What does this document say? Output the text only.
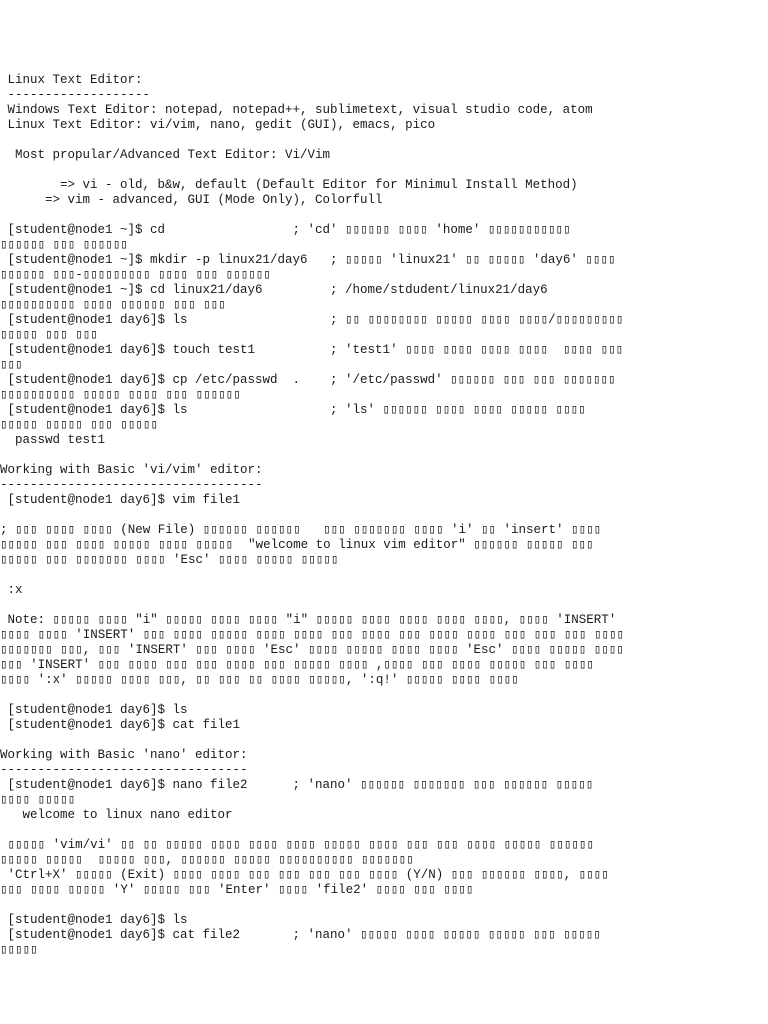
Linux Text Editor:
-------------------
Windows Text Editor: notepad, notepad++, sublimetext, visual studio code, atom
Linux Text Editor: vi/vim, nano, gedit (GUI), emacs, pico
Most propular/Advanced Text Editor: Vi/Vim
=> vi - old, b&w, default (Default Editor for Minimul Install Method)
=> vim - advanced, GUI (Mode Only), Colorfull
[student@node1 ~]$ cd                 ; 'cd' ▯▯▯▯▯▯ ▯▯▯▯ 'home' ▯▯▯▯▯▯▯▯▯▯▯
▯▯▯▯▯▯ ▯▯▯ ▯▯▯▯▯▯
[student@node1 ~]$ mkdir -p linux21/day6   ; ▯▯▯▯▯ 'linux21' ▯▯ ▯▯▯▯▯ 'day6' ▯▯▯▯
▯▯▯▯▯▯ ▯▯▯-▯▯▯▯▯▯▯▯▯ ▯▯▯▯ ▯▯▯ ▯▯▯▯▯▯
[student@node1 ~]$ cd linux21/day6         ; /home/stdudent/linux21/day6
▯▯▯▯▯▯▯▯▯▯ ▯▯▯▯ ▯▯▯▯▯▯ ▯▯▯ ▯▯▯
[student@node1 day6]$ ls                   ; ▯▯ ▯▯▯▯▯▯▯▯ ▯▯▯▯▯ ▯▯▯▯ ▯▯▯▯/▯▯▯▯▯▯▯▯▯
▯▯▯▯▯ ▯▯▯ ▯▯▯
[student@node1 day6]$ touch test1          ; 'test1' ▯▯▯▯ ▯▯▯▯ ▯▯▯▯ ▯▯▯▯  ▯▯▯▯ ▯▯▯
▯▯▯
[student@node1 day6]$ cp /etc/passwd  .    ; '/etc/passwd' ▯▯▯▯▯▯ ▯▯▯ ▯▯▯ ▯▯▯▯▯▯▯
▯▯▯▯▯▯▯▯▯▯ ▯▯▯▯▯ ▯▯▯▯ ▯▯▯ ▯▯▯▯▯▯
[student@node1 day6]$ ls                   ; 'ls' ▯▯▯▯▯▯ ▯▯▯▯ ▯▯▯▯ ▯▯▯▯▯ ▯▯▯▯
▯▯▯▯▯ ▯▯▯▯▯ ▯▯▯ ▯▯▯▯▯
passwd test1
Working with Basic 'vi/vim' editor:
-----------------------------------
[student@node1 day6]$ vim file1
; ▯▯▯ ▯▯▯▯ ▯▯▯▯ (New File) ▯▯▯▯▯▯ ▯▯▯▯▯▯   ▯▯▯ ▯▯▯▯▯▯▯ ▯▯▯▯ 'i' ▯▯ 'insert' ▯▯▯▯
▯▯▯▯▯ ▯▯▯ ▯▯▯▯ ▯▯▯▯▯ ▯▯▯▯ ▯▯▯▯▯  "welcome to linux vim editor" ▯▯▯▯▯▯ ▯▯▯▯▯ ▯▯▯
▯▯▯▯▯ ▯▯▯ ▯▯▯▯▯▯▯ ▯▯▯▯ 'Esc' ▯▯▯▯ ▯▯▯▯▯ ▯▯▯▯▯
:x
Note: ▯▯▯▯▯ ▯▯▯▯ "i" ▯▯▯▯▯ ▯▯▯▯ ▯▯▯▯ "i" ▯▯▯▯▯ ▯▯▯▯ ▯▯▯▯ ▯▯▯▯ ▯▯▯▯, ▯▯▯▯ 'INSERT'
▯▯▯▯ ▯▯▯▯ 'INSERT' ▯▯▯ ▯▯▯▯ ▯▯▯▯▯ ▯▯▯▯ ▯▯▯▯ ▯▯▯ ▯▯▯▯ ▯▯▯ ▯▯▯▯ ▯▯▯▯ ▯▯▯ ▯▯▯ ▯▯▯ ▯▯▯▯
▯▯▯▯▯▯▯ ▯▯▯, ▯▯▯ 'INSERT' ▯▯▯ ▯▯▯▯ 'Esc' ▯▯▯▯ ▯▯▯▯▯ ▯▯▯▯ ▯▯▯▯ 'Esc' ▯▯▯▯ ▯▯▯▯▯ ▯▯▯▯
▯▯▯ 'INSERT' ▯▯▯ ▯▯▯▯ ▯▯▯ ▯▯▯ ▯▯▯▯ ▯▯▯ ▯▯▯▯▯ ▯▯▯▯ ,▯▯▯▯ ▯▯▯ ▯▯▯▯ ▯▯▯▯▯ ▯▯▯ ▯▯▯▯
▯▯▯▯ ':x' ▯▯▯▯▯ ▯▯▯▯ ▯▯▯, ▯▯ ▯▯▯ ▯▯ ▯▯▯▯ ▯▯▯▯▯, ':q!' ▯▯▯▯▯ ▯▯▯▯ ▯▯▯▯
[student@node1 day6]$ ls
[student@node1 day6]$ cat file1
Working with Basic 'nano' editor:
---------------------------------
[student@node1 day6]$ nano file2      ; 'nano' ▯▯▯▯▯▯ ▯▯▯▯▯▯▯ ▯▯▯ ▯▯▯▯▯▯ ▯▯▯▯▯
▯▯▯▯ ▯▯▯▯▯
welcome to linux nano editor
▯▯▯▯▯ 'vim/vi' ▯▯ ▯▯ ▯▯▯▯▯ ▯▯▯▯ ▯▯▯▯ ▯▯▯▯ ▯▯▯▯▯ ▯▯▯▯ ▯▯▯ ▯▯▯ ▯▯▯▯ ▯▯▯▯▯ ▯▯▯▯▯▯
▯▯▯▯▯ ▯▯▯▯▯  ▯▯▯▯▯ ▯▯▯, ▯▯▯▯▯▯ ▯▯▯▯▯ ▯▯▯▯▯▯▯▯▯▯ ▯▯▯▯▯▯▯
'Ctrl+X' ▯▯▯▯▯ (Exit) ▯▯▯▯ ▯▯▯▯ ▯▯▯ ▯▯▯ ▯▯▯ ▯▯▯ ▯▯▯▯ (Y/N) ▯▯▯ ▯▯▯▯▯▯ ▯▯▯▯, ▯▯▯▯
▯▯▯ ▯▯▯▯ ▯▯▯▯▯ 'Y' ▯▯▯▯▯ ▯▯▯ 'Enter' ▯▯▯▯ 'file2' ▯▯▯▯ ▯▯▯ ▯▯▯▯
[student@node1 day6]$ ls
[student@node1 day6]$ cat file2       ; 'nano' ▯▯▯▯▯ ▯▯▯▯ ▯▯▯▯▯ ▯▯▯▯▯ ▯▯▯ ▯▯▯▯▯
▯▯▯▯▯
